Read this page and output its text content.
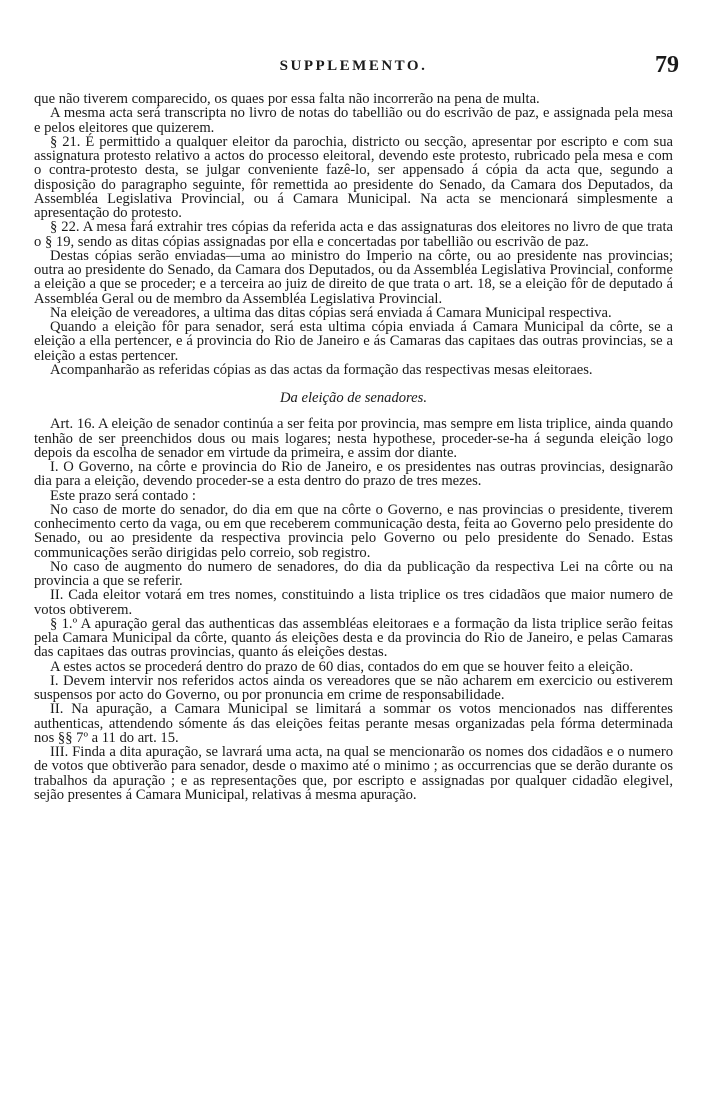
SUPPLEMENTO.	79

que não tiverem comparecido, os quaes por essa falta não incorrerão na pena de multa.

A mesma acta será transcripta no livro de notas do tabellião ou do escrivão de paz, e assignada pela mesa e pelos eleitores que quizerem.

§ 21. É permittido a qualquer eleitor da parochia, districto ou secção, apresentar por escripto e com sua assignatura protesto relativo a actos do processo eleitoral, devendo este protesto, rubricado pela mesa e com o contra-protesto desta, se julgar conveniente fazê-lo, ser appensado á cópia da acta que, segundo a disposição do paragrapho seguinte, fôr remettida ao presidente do Senado, da Camara dos Deputados, da Assembléa Legislativa Provincial, ou á Camara Municipal. Na acta se mencionará simplesmente a apresentação do protesto.

§ 22. A mesa fará extrahir tres cópias da referida acta e das assignaturas dos eleitores no livro de que trata o § 19, sendo as ditas cópias assignadas por ella e concertadas por tabellião ou escrivão de paz.

Destas cópias serão enviadas—uma ao ministro do Imperio na côrte, ou ao presidente nas provincias; outra ao presidente do Senado, da Camara dos Deputados, ou da Assembléa Legislativa Provincial, conforme a eleição a que se proceder; e a terceira ao juiz de direito de que trata o art. 18, se a eleição fôr de deputado á Assembléa Geral ou de membro da Assembléa Legislativa Provincial.

Na eleição de vereadores, a ultima das ditas cópias será enviada á Camara Municipal respectiva.

Quando a eleição fôr para senador, será esta ultima cópia enviada á Camara Municipal da côrte, se a eleição a ella pertencer, e á provincia do Rio de Janeiro e ás Camaras das capitaes das outras provincias, se a eleição a estas pertencer.

Acompanharão as referidas cópias as das actas da formação das respectivas mesas eleitoraes.

Da eleição de senadores.

Art. 16. A eleição de senador continúa a ser feita por provincia, mas sempre em lista triplice, ainda quando tenhão de ser preenchidos dous ou mais logares; nesta hypothese, proceder-se-ha á segunda eleição logo depois da escolha de senador em virtude da primeira, e assim dor diante.

I. O Governo, na côrte e provincia do Rio de Janeiro, e os presidentes nas outras provincias, designarão dia para a eleição, devendo proceder-se a esta dentro do prazo de tres mezes.

Este prazo será contado :

No caso de morte do senador, do dia em que na côrte o Governo, e nas provincias o presidente, tiverem conhecimento certo da vaga, ou em que receberem communicação desta, feita ao Governo pelo presidente do Senado, ou ao presidente da respectiva provincia pelo Governo ou pelo presidente do Senado. Estas communicações serão dirigidas pelo correio, sob registro.

No caso de augmento do numero de senadores, do dia da publicação da respectiva Lei na côrte ou na provincia a que se referir.

II. Cada eleitor votará em tres nomes, constituindo a lista triplice os tres cidadãos que maior numero de votos obtiverem.

§ 1.º A apuração geral das authenticas das assembléas eleitoraes e a formação da lista triplice serão feitas pela Camara Municipal da côrte, quanto ás eleições desta e da provincia do Rio de Janeiro, e pelas Camaras das capitaes das outras provincias, quanto ás eleições destas.

A estes actos se procederá dentro do prazo de 60 dias, contados do em que se houver feito a eleição.

I. Devem intervir nos referidos actos ainda os vereadores que se não acharem em exercicio ou estiverem suspensos por acto do Governo, ou por pronuncia em crime de responsabilidade.

II. Na apuração, a Camara Municipal se limitará a sommar os votos mencionados nas differentes authenticas, attendendo sómente ás das eleições feitas perante mesas organizadas pela fórma determinada nos §§ 7º a 11 do art. 15.

III. Finda a dita apuração, se lavrará uma acta, na qual se mencionarão os nomes dos cidadãos e o numero de votos que obtiverão para senador, desde o maximo até o minimo ; as occurrencias que se derão durante os trabalhos da apuração ; e as representações que, por escripto e assignadas por qualquer cidadão elegivel, sejão presentes á Camara Municipal, relativas á mesma apuração.
